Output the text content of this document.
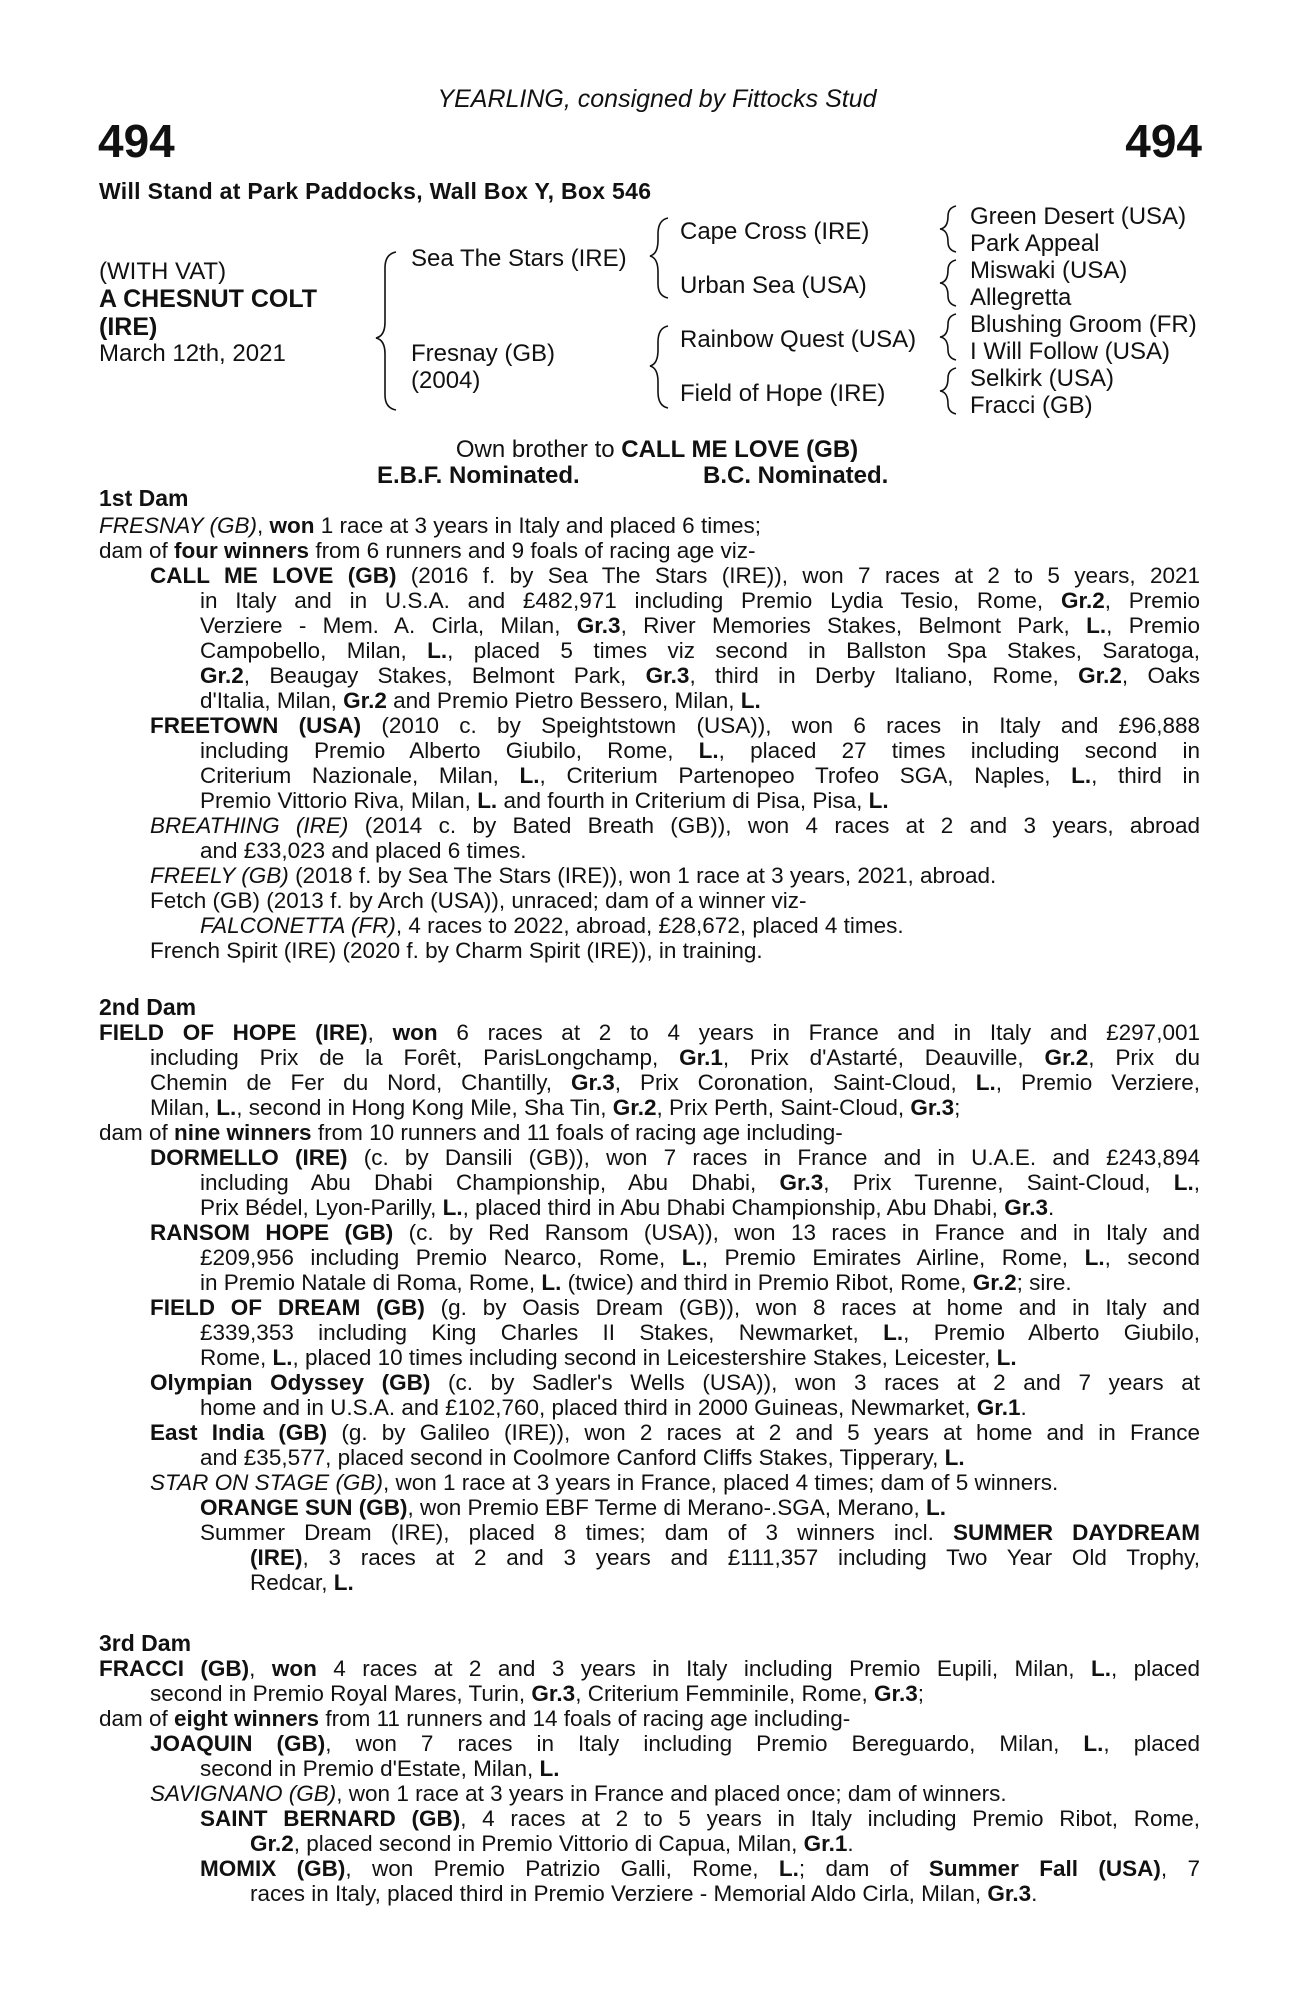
YEARLING, consigned by Fittocks Stud
494	494
Will Stand at Park Paddocks, Wall Box Y, Box 546
(WITH VAT)
A CHESNUT COLT
(IRE)
March 12th, 2021
Sea The Stars (IRE)
Fresnay (GB)
(2004)
Cape Cross (IRE)
Urban Sea (USA)
Rainbow Quest (USA)
Field of Hope (IRE)
Green Desert (USA)
Park Appeal
Miswaki (USA)
Allegretta
Blushing Groom (FR)
I Will Follow (USA)
Selkirk (USA)
Fracci (GB)
Own brother to CALL ME LOVE (GB)
E.B.F. Nominated.	B.C. Nominated.
1st Dam
2nd Dam
3rd Dam
FRESNAY (GB), won 1 race at 3 years in Italy and placed 6 times;
dam of four winners from 6 runners and 9 foals of racing age viz-
CALL ME LOVE (GB) (2016 f. by Sea The Stars (IRE)), won 7 races at 2 to 5 years, 2021
in Italy and in U.S.A. and £482,971 including Premio Lydia Tesio, Rome, Gr.2, Premio
Verziere - Mem. A. Cirla, Milan, Gr.3, River Memories Stakes, Belmont Park, L., Premio
Campobello, Milan, L., placed 5 times viz second in Ballston Spa Stakes, Saratoga,
Gr.2, Beaugay Stakes, Belmont Park, Gr.3, third in Derby Italiano, Rome, Gr.2, Oaks
d'Italia, Milan, Gr.2 and Premio Pietro Bessero, Milan, L.
FREETOWN (USA) (2010 c. by Speightstown (USA)), won 6 races in Italy and £96,888
including Premio Alberto Giubilo, Rome, L., placed 27 times including second in
Criterium Nazionale, Milan, L., Criterium Partenopeo Trofeo SGA, Naples, L., third in
Premio Vittorio Riva, Milan, L. and fourth in Criterium di Pisa, Pisa, L.
BREATHING (IRE) (2014 c. by Bated Breath (GB)), won 4 races at 2 and 3 years, abroad
and £33,023 and placed 6 times.
FREELY (GB) (2018 f. by Sea The Stars (IRE)), won 1 race at 3 years, 2021, abroad.
Fetch (GB) (2013 f. by Arch (USA)), unraced; dam of a winner viz-
FALCONETTA (FR), 4 races to 2022, abroad, £28,672, placed 4 times.
French Spirit (IRE) (2020 f. by Charm Spirit (IRE)), in training.
FIELD OF HOPE (IRE), won 6 races at 2 to 4 years in France and in Italy and £297,001
including Prix de la Forêt, ParisLongchamp, Gr.1, Prix d'Astarté, Deauville, Gr.2, Prix du
Chemin de Fer du Nord, Chantilly, Gr.3, Prix Coronation, Saint-Cloud, L., Premio Verziere,
Milan, L., second in Hong Kong Mile, Sha Tin, Gr.2, Prix Perth, Saint-Cloud, Gr.3;
dam of nine winners from 10 runners and 11 foals of racing age including-
DORMELLO (IRE) (c. by Dansili (GB)), won 7 races in France and in U.A.E. and £243,894
including Abu Dhabi Championship, Abu Dhabi, Gr.3, Prix Turenne, Saint-Cloud, L.,
Prix Bédel, Lyon-Parilly, L., placed third in Abu Dhabi Championship, Abu Dhabi, Gr.3.
RANSOM HOPE (GB) (c. by Red Ransom (USA)), won 13 races in France and in Italy and
£209,956 including Premio Nearco, Rome, L., Premio Emirates Airline, Rome, L., second
in Premio Natale di Roma, Rome, L. (twice) and third in Premio Ribot, Rome, Gr.2; sire.
FIELD OF DREAM (GB) (g. by Oasis Dream (GB)), won 8 races at home and in Italy and
£339,353 including King Charles II Stakes, Newmarket, L., Premio Alberto Giubilo,
Rome, L., placed 10 times including second in Leicestershire Stakes, Leicester, L.
Olympian Odyssey (GB) (c. by Sadler's Wells (USA)), won 3 races at 2 and 7 years at
home and in U.S.A. and £102,760, placed third in 2000 Guineas, Newmarket, Gr.1.
East India (GB) (g. by Galileo (IRE)), won 2 races at 2 and 5 years at home and in France
and £35,577, placed second in Coolmore Canford Cliffs Stakes, Tipperary, L.
STAR ON STAGE (GB), won 1 race at 3 years in France, placed 4 times; dam of 5 winners.
ORANGE SUN (GB), won Premio EBF Terme di Merano-.SGA, Merano, L.
Summer Dream (IRE), placed 8 times; dam of 3 winners incl. SUMMER DAYDREAM
(IRE), 3 races at 2 and 3 years and £111,357 including Two Year Old Trophy,
Redcar, L.
FRACCI (GB), won 4 races at 2 and 3 years in Italy including Premio Eupili, Milan, L., placed
second in Premio Royal Mares, Turin, Gr.3, Criterium Femminile, Rome, Gr.3;
dam of eight winners from 11 runners and 14 foals of racing age including-
JOAQUIN (GB), won 7 races in Italy including Premio Bereguardo, Milan, L., placed
second in Premio d'Estate, Milan, L.
SAVIGNANO (GB), won 1 race at 3 years in France and placed once; dam of winners.
SAINT BERNARD (GB), 4 races at 2 to 5 years in Italy including Premio Ribot, Rome,
Gr.2, placed second in Premio Vittorio di Capua, Milan, Gr.1.
MOMIX (GB), won Premio Patrizio Galli, Rome, L.; dam of Summer Fall (USA), 7
races in Italy, placed third in Premio Verziere - Memorial Aldo Cirla, Milan, Gr.3.
